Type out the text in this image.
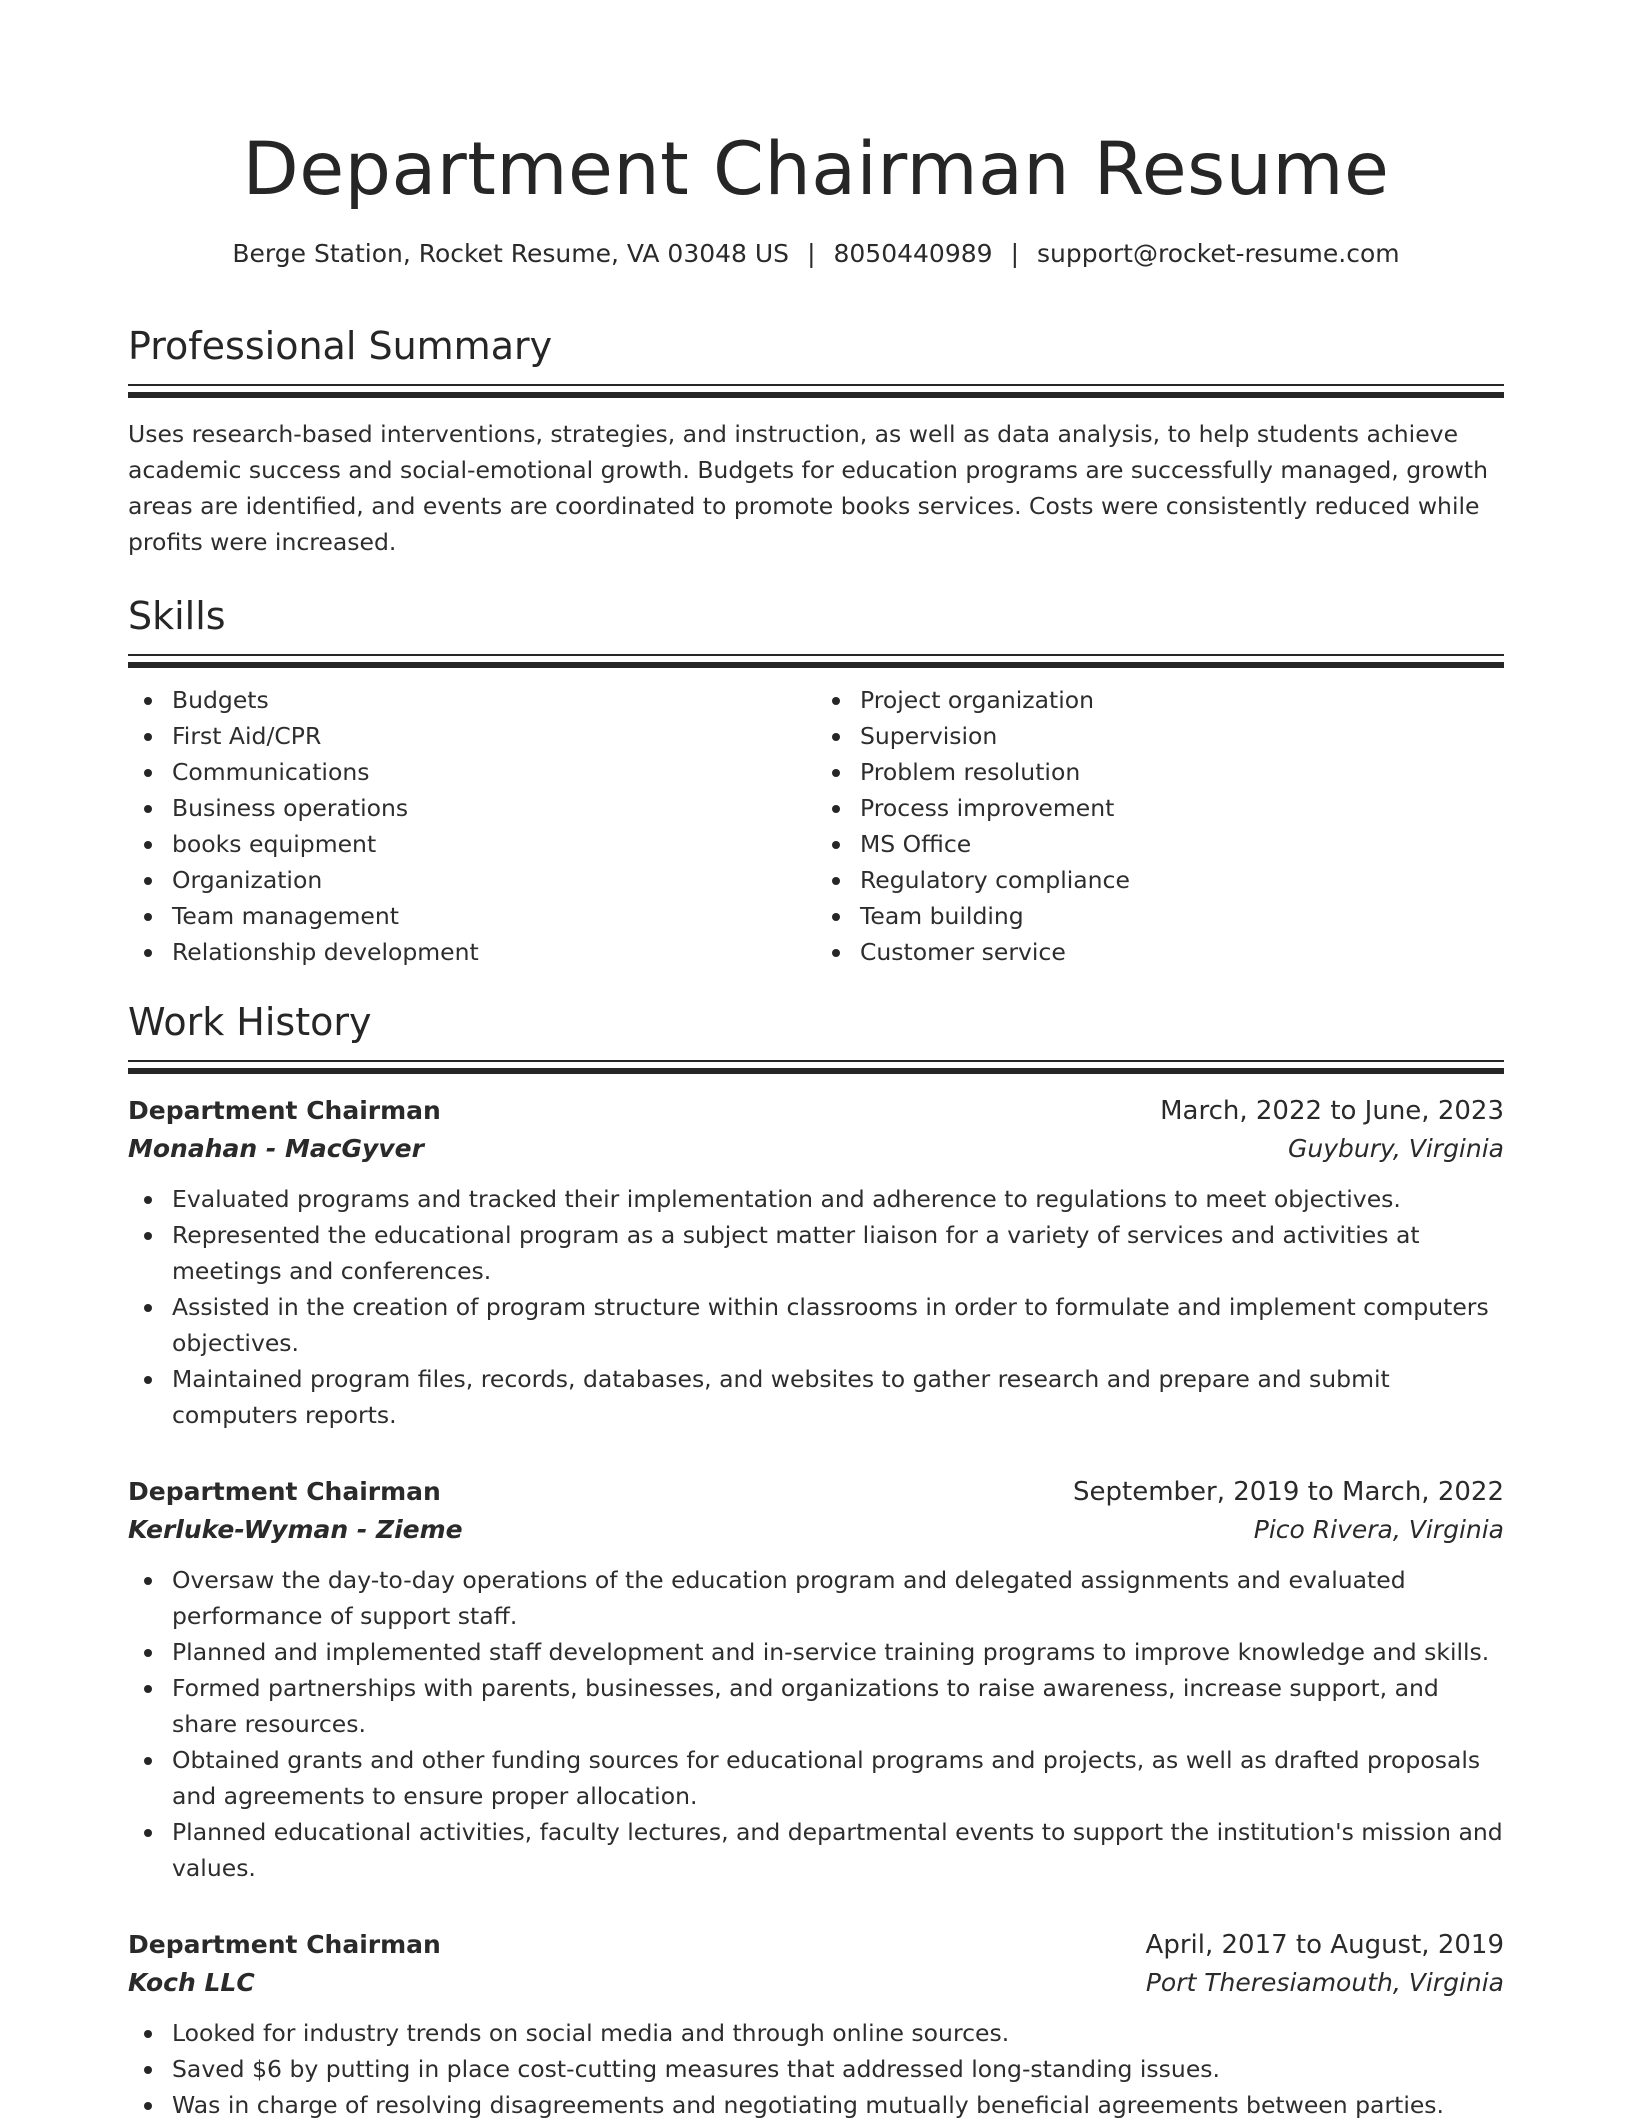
Department Chairman Resume
Berge Station, Rocket Resume, VA 03048 US | 8050440989 | support@rocket-resume.com
Professional Summary

Uses research-based interventions, strategies, and instruction, as well as data analysis, to help students achieve academic success and social-emotional growth. Budgets for education programs are successfully managed, growth areas are identified, and events are coordinated to promote books services. Costs were consistently reduced while profits were increased.

Skills
Budgets
First Aid/CPR
Communications
Business operations
books equipment
Organization
Team management
Relationship development
Project organization
Supervision
Problem resolution
Process improvement
MS Office
Regulatory compliance
Team building
Customer service
Work History
Department Chairman	March, 2022 to June, 2023
Monahan - MacGyver	Guybury, Virginia
Evaluated programs and tracked their implementation and adherence to regulations to meet objectives.
Represented the educational program as a subject matter liaison for a variety of services and activities at meetings and conferences.
Assisted in the creation of program structure within classrooms in order to formulate and implement computers objectives.
Maintained program files, records, databases, and websites to gather research and prepare and submit computers reports.
Department Chairman	September, 2019 to March, 2022
Kerluke-Wyman - Zieme	Pico Rivera, Virginia
Oversaw the day-to-day operations of the education program and delegated assignments and evaluated performance of support staff.
Planned and implemented staff development and in-service training programs to improve knowledge and skills.
Formed partnerships with parents, businesses, and organizations to raise awareness, increase support, and share resources.
Obtained grants and other funding sources for educational programs and projects, as well as drafted proposals and agreements to ensure proper allocation.
Planned educational activities, faculty lectures, and departmental events to support the institution's mission and values.
Department Chairman	April, 2017 to August, 2019
Koch LLC	Port Theresiamouth, Virginia
Looked for industry trends on social media and through online sources.
Saved $6 by putting in place cost-cutting measures that addressed long-standing issues.
Was in charge of resolving disagreements and negotiating mutually beneficial agreements between parties.
